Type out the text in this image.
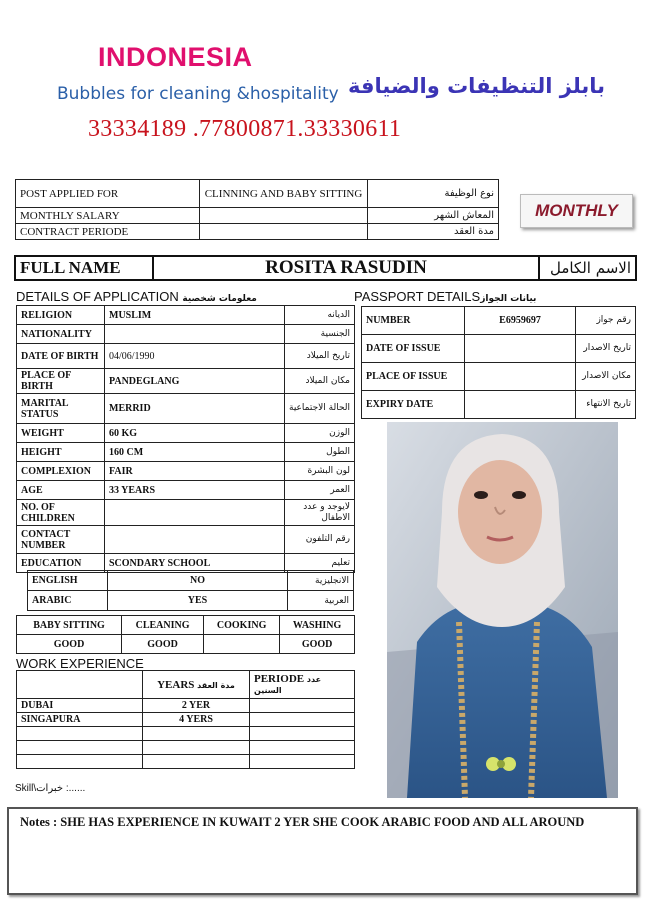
INDONESIA
Bubbles for cleaning &hospitality بابلز التنظيفات والضيافة
33334189 .77800871.33330611
POST APPLIED FOR	CLINNING AND BABY SITTING	نوع الوظيفة
MONTHLY SALARY		المعاش الشهر
CONTRACT PERIODE		مدة العقد
MONTHLY
FULL NAME	ROSITA RASUDIN	الاسم الكامل
DETAILS OF APPLICATION معلومات شخصية	PASSPORT DETAILSبيانات الجواز
RELIGION	MUSLIM	الديانه
NATIONALITY		الجنسية
DATE OF BIRTH	04/06/1990	تاريخ الميلاد
PLACE OF BIRTH	PANDEGLANG	مكان الميلاد
MARITAL STATUS	MERRID	الحالة الاجتماعية
WEIGHT	60 KG	الوزن
HEIGHT	160 CM	الطول
COMPLEXION	FAIR	لون البشرة
AGE	33 YEARS	العمر
NO. OF CHILDREN		لايوجد و عدد الاطفال
CONTACT NUMBER		رقم التلفون
EDUCATION	SCONDARY SCHOOL	تعليم
ENGLISH	NO	الانجليزية
ARABIC	YES	العربية
BABY SITTING	CLEANING	COOKING	WASHING
GOOD	GOOD		GOOD
WORK EXPERIENCE
	YEARS مدة العقد	PERIODE عدد السنين
DUBAI	2 YER	
SINGAPURA	4 YERS	

NUMBER	E6959697	رقم جواز
DATE OF ISSUE		تاريخ الاصدار
PLACE OF ISSUE		مكان الاصدار
EXPIRY DATE		تاريخ الانتهاء
Skill\خبرات :......
Notes : SHE HAS EXPERIENCE IN KUWAIT 2 YER SHE COOK ARABIC FOOD AND ALL AROUND
